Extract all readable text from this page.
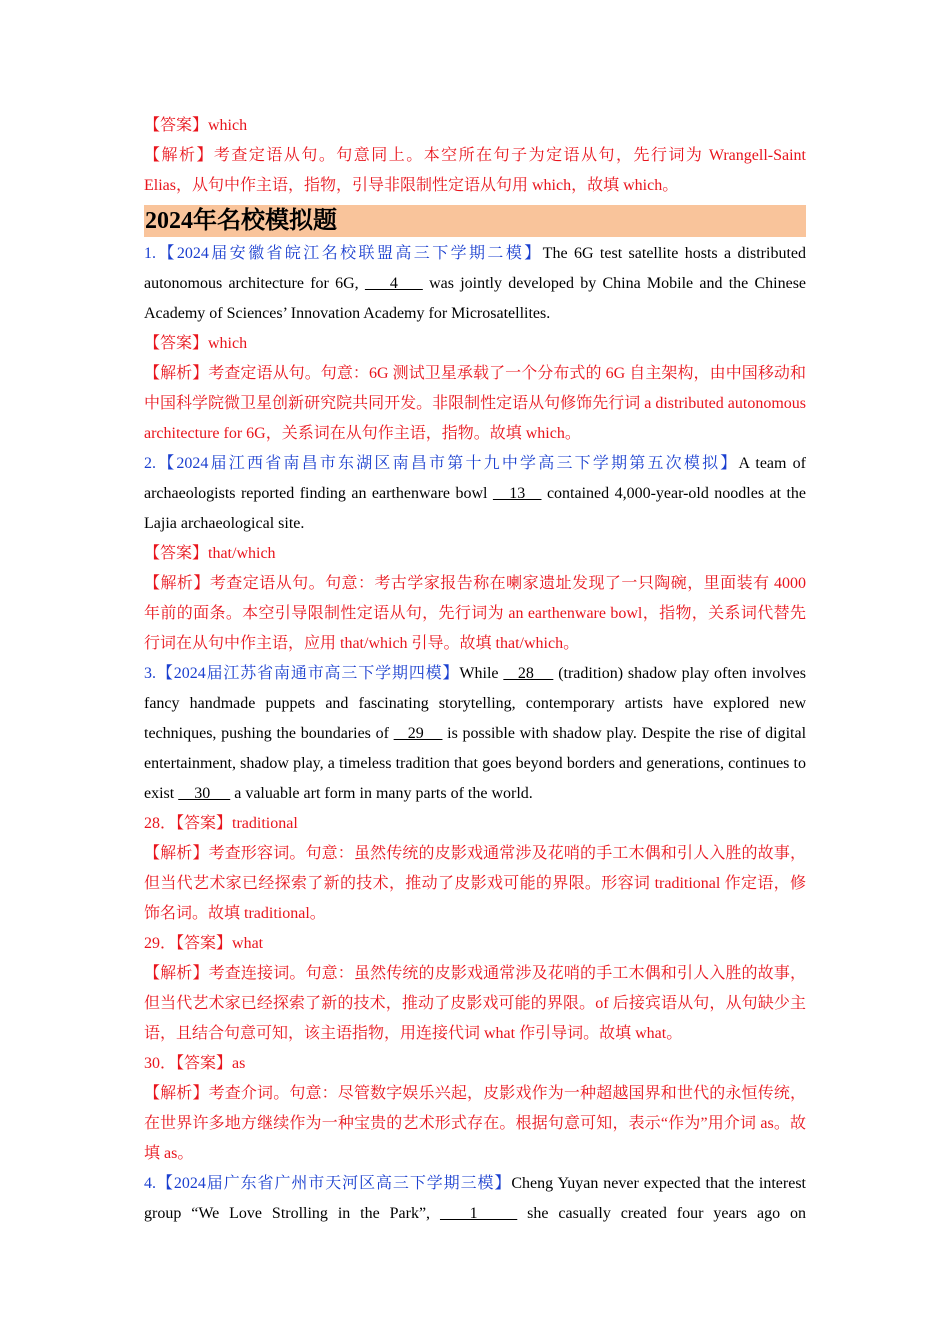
【答案】which

【解析】考查定语从句。句意同上。本空所在句子为定语从句，先行词为 Wrangell-Saint Elias，从句中作主语，指物，引导非限制性定语从句用 which，故填 which。

2024年名校模拟题

1.【2024届安徽省皖江名校联盟高三下学期二模】The 6G test satellite hosts a distributed autonomous architecture for 6G,     4     was jointly developed by China Mobile and the Chinese Academy of Sciences’ Innovation Academy for Microsatellites.

【答案】which

【解析】考查定语从句。句意：6G 测试卫星承载了一个分布式的 6G 自主架构，由中国移动和中国科学院微卫星创新研究院共同开发。非限制性定语从句修饰先行词 a distributed autonomous architecture for 6G，关系词在从句作主语，指物。故填 which。

2.【2024届江西省南昌市东湖区南昌市第十九中学高三下学期第五次模拟】A team of archaeologists reported finding an earthenware bowl    13    contained 4,000-year-old noodles at the Lajia archaeological site.

【答案】that/which

【解析】考查定语从句。句意：考古学家报告称在喇家遗址发现了一只陶碗，里面装有 4000 年前的面条。本空引导限制性定语从句，先行词为 an earthenware bowl，指物，关系词代替先行词在从句中作主语，应用 that/which 引导。故填 that/which。

3.【2024届江苏省南通市高三下学期四模】While    28     (tradition) shadow play often involves fancy handmade puppets and fascinating storytelling, contemporary artists have explored new techniques, pushing the boundaries of    29     is possible with shadow play. Despite the rise of digital entertainment, shadow play, a timeless tradition that goes beyond borders and generations, continues to exist     30      a valuable art form in many parts of the world.

28．【答案】traditional

【解析】考查形容词。句意：虽然传统的皮影戏通常涉及花哨的手工木偶和引人入胜的故事，但当代艺术家已经探索了新的技术，推动了皮影戏可能的界限。形容词 traditional 作定语，修饰名词。故填 traditional。

29．【答案】what

【解析】考查连接词。句意：虽然传统的皮影戏通常涉及花哨的手工木偶和引人入胜的故事，但当代艺术家已经探索了新的技术，推动了皮影戏可能的界限。of 后接宾语从句，从句缺少主语，且结合句意可知，该主语指物，用连接代词 what 作引导词。故填 what。

30．【答案】as

【解析】考查介词。句意：尽管数字娱乐兴起，皮影戏作为一种超越国界和世代的永恒传统，在世界许多地方继续作为一种宝贵的艺术形式存在。根据句意可知，表示“作为”用介词 as。故填 as。

4.【2024届广东省广州市天河区高三下学期三模】Cheng Yuyan never expected that the interest group “We Love Strolling in the Park”,    1     she casually created four years ago on
